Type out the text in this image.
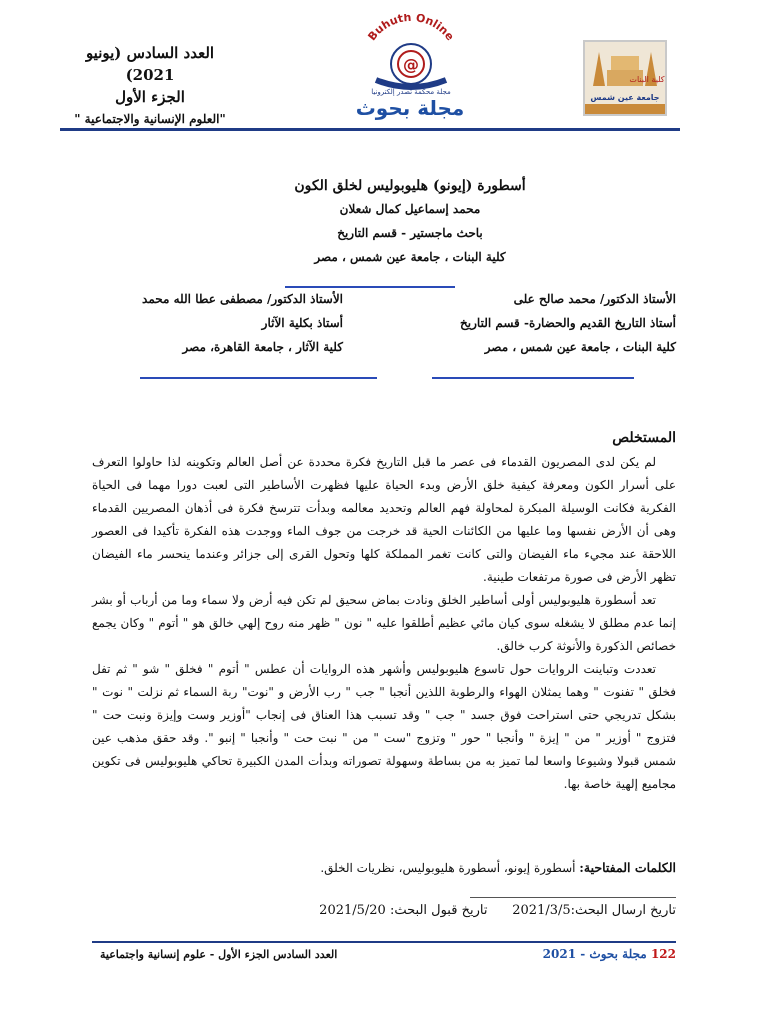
العدد السادس (يونيو 2021)
الجزء الأول
"العلوم الإنسانية والاجتماعية "
Buhuth Online
@
مجلة محكمة تصدر إلكترونيا
مجلة بحوث
كلية البنات
جامعة عين شمس
أسطورة (إيونو) هليوبوليس لخلق الكون
محمد إسماعيل كمال شعلان
باحث ماجستير - قسم التاريخ
كلية البنات ، جامعة عين شمس ، مصر
الأستاذ الدكتور/ محمد صالح على
أستاذ التاريخ القديم والحضارة- قسم التاريخ
كلية البنات ، جامعة عين شمس ، مصر
الأستاذ الدكتور/ مصطفى عطا الله محمد
أستاذ بكلية الآثار
كلية الآثار ، جامعة القاهرة، مصر
المستخلص

لم يكن لدى المصريون القدماء فى عصر ما قبل التاريخ فكرة محددة عن أصل العالم وتكوينه لذا حاولوا التعرف على أسرار الكون ومعرفة كيفية خلق الأرض وبدء الحياة عليها فظهرت الأساطير التى لعبت دورا مهما فى الحياة الفكرية فكانت الوسيلة المبكرة لمحاولة فهم العالم وتحديد معالمه وبدأت تترسخ فكرة فى أذهان المصريين القدماء وهى أن الأرض نفسها وما عليها من الكائنات الحية قد خرجت من جوف الماء ووجدت هذه الفكرة تأكيدا فى العصور اللاحقة عند مجيء ماء الفيضان والتى كانت تغمر المملكة كلها وتحول القرى إلى جزائر وعندما ينحسر ماء الفيضان تظهر الأرض فى صورة مرتفعات طينية.

تعد أسطورة هليوبوليس أولى أساطير الخلق ونادت بماض سحيق لم تكن فيه أرض ولا سماء وما من أرباب أو بشر إنما عدم مطلق لا يشغله سوى كيان مائي عظيم أطلقوا عليه " نون " ظهر منه روح إلهي خالق هو " أتوم " وكان يجمع خصائص الذكورة والأنوثة كرب خالق.

تعددت وتباينت الروايات حول تاسوع هليوبوليس وأشهر هذه الروايات أن عطس " أتوم " فخلق " شو " ثم تفل فخلق " تفنوت " وهما يمثلان الهواء والرطوبة اللذين أنجبا " جب " رب الأرض و "نوت" ربة السماء ثم نزلت " نوت " بشكل تدريجي حتى استراحت فوق جسد " جب " وقد تسبب هذا العناق فى إنجاب "أوزير وست وإيزة ونبت حت " فتزوج " أوزير " من " إيزة " وأنجبا " حور " وتزوج "ست " من " نبت حت " وأنجبا " إنبو ". وقد حقق مذهب عين شمس قبولا وشيوعا واسعا لما تميز به من بساطة وسهولة تصوراته وبدأت المدن الكبيرة تحاكي هليوبوليس فى تكوين مجاميع إلهية خاصة بها.

الكلمات المفتاحية: أسطورة إيونو، أسطورة هليوبوليس، نظريات الخلق.
تاريخ ارسال البحث:2021/3/5      تاريخ قبول البحث: 2021/5/20
122 مجلة بحوث - 2021
العدد السادس الجزء الأول - علوم إنسانية واجتماعية
